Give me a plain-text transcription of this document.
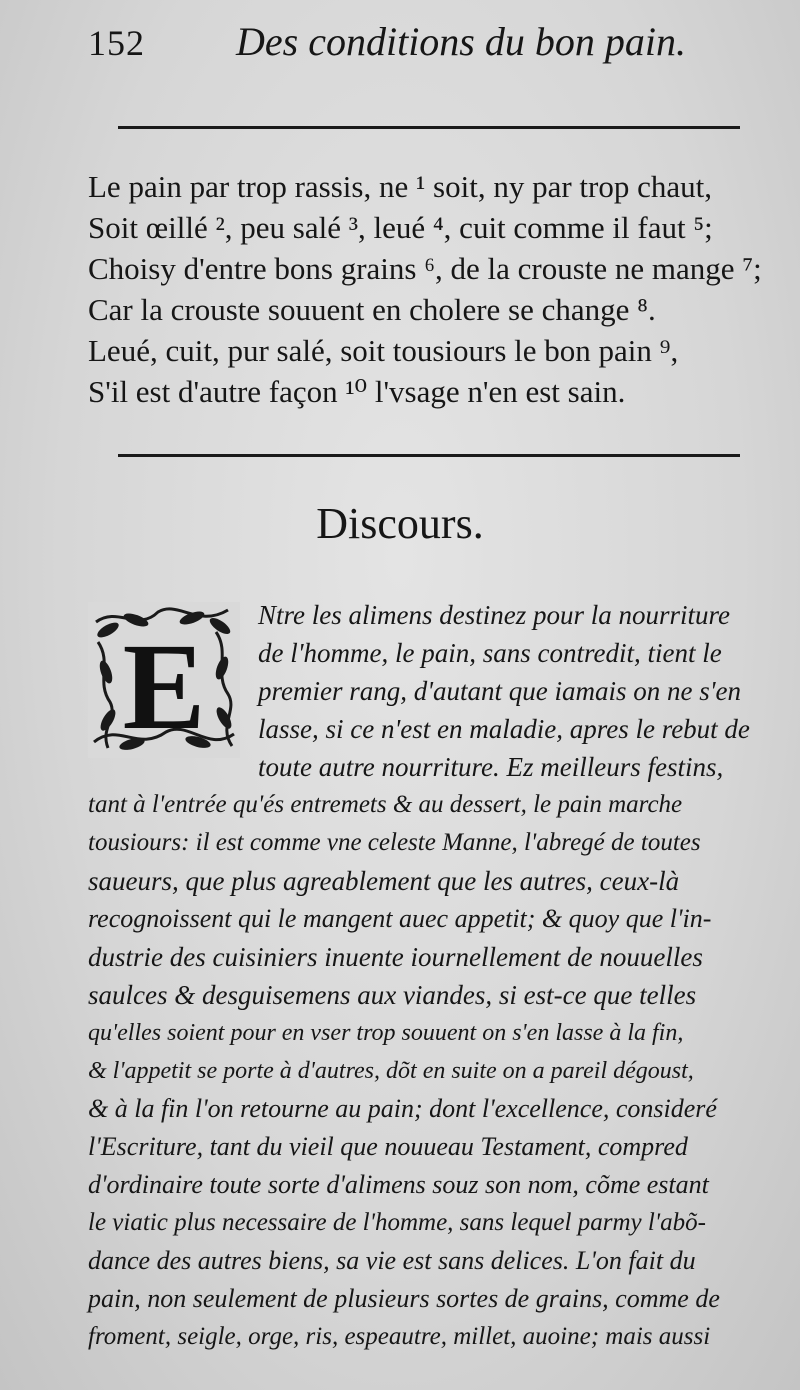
152 Des conditions du bon pain.
Le pain par trop rassis, ne ¹ soit, ny par trop chaut,
Soit œillé ², peu salé ³, leué ⁴, cuit comme il faut ⁵;
Choisy d'entre bons grains ⁶, de la crouste ne mange ⁷;
Car la crouste souuent en cholere se change ⁸.
Leué, cuit, pur salé, soit tousiours le bon pain ⁹,
S'il est d'autre façon ¹⁰ l'vsage n'en est sain.
Discours.
E
Ntre les alimens destinez pour la nourriture
de l'homme, le pain, sans contredit, tient le
premier rang, d'autant que iamais on ne s'en
lasse, si ce n'est en maladie, apres le rebut de
toute autre nourriture. Ez meilleurs festins,
tant à l'entrée qu'és entremets & au dessert, le pain marche
tousiours: il est comme vne celeste Manne, l'abregé de toutes
saueurs, que plus agreablement que les autres, ceux-là
recognoissent qui le mangent auec appetit; & quoy que l'in-
dustrie des cuisiniers inuente iournellement de nouuelles
saulces & desguisemens aux viandes, si est-ce que telles
qu'elles soient pour en vser trop souuent on s'en lasse à la fin,
& l'appetit se porte à d'autres, dõt en suite on a pareil dégoust,
& à la fin l'on retourne au pain; dont l'excellence, consideré
l'Escriture, tant du vieil que nouueau Testament, compred
d'ordinaire toute sorte d'alimens souz son nom, cõme estant
le viatic plus necessaire de l'homme, sans lequel parmy l'abõ-
dance des autres biens, sa vie est sans delices. L'on fait du
pain, non seulement de plusieurs sortes de grains, comme de
froment, seigle, orge, ris, espeautre, millet, auoine; mais aussi
